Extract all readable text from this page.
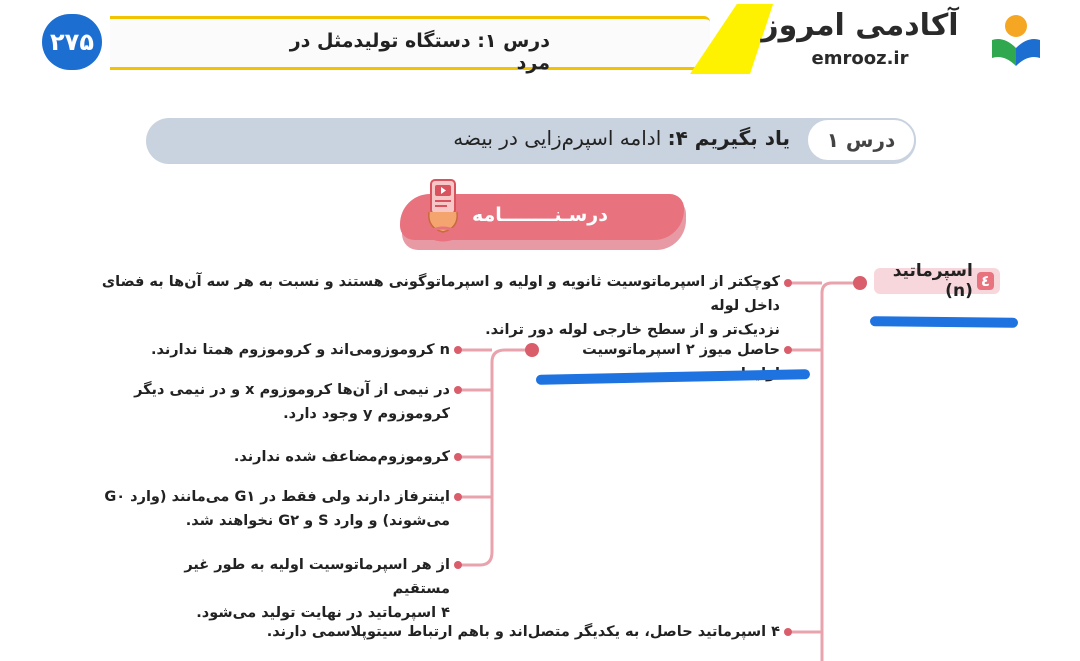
۲۷۵	درس ۱: دستگاه تولیدمثل در مرد
آکادمی امروز
emrooz.ir
یاد بگیریم ۴: ادامه اسپرم‌زایی در بیضه	درس ۱
درسـنــــــــامه
٤
اسپرماتید (n)
کوچکتر از اسپرماتوسیت ثانویه و اولیه و اسپرماتوگونی هستند و نسبت به هر سه آن‌ها به فضای داخل لوله
نزدیک‌تر و از سطح خارجی لوله دور تراند.
حاصل میوز ۲ اسپرماتوسیت
۴ اسپرماتید حاصل، به یکدیگر متصل‌اند و باهم ارتباط سیتوپلاسمی دارند.
n کروموزومی‌اند و کروموزوم همتا ندارند.
در نیمی از آن‌ها کروموزوم x و در نیمی دیگر
کروموزوم y وجود دارد.
کروموزوم‌مضاعف شده ندارند.
اینترفاز دارند ولی فقط در G۱ می‌مانند (وارد G۰
می‌شوند) و وارد S و G۲ نخواهند شد.
از هر اسپرماتوسیت اولیه به طور غیر مستقیم
۴ اسپرماتید در نهایت تولید می‌شود.
